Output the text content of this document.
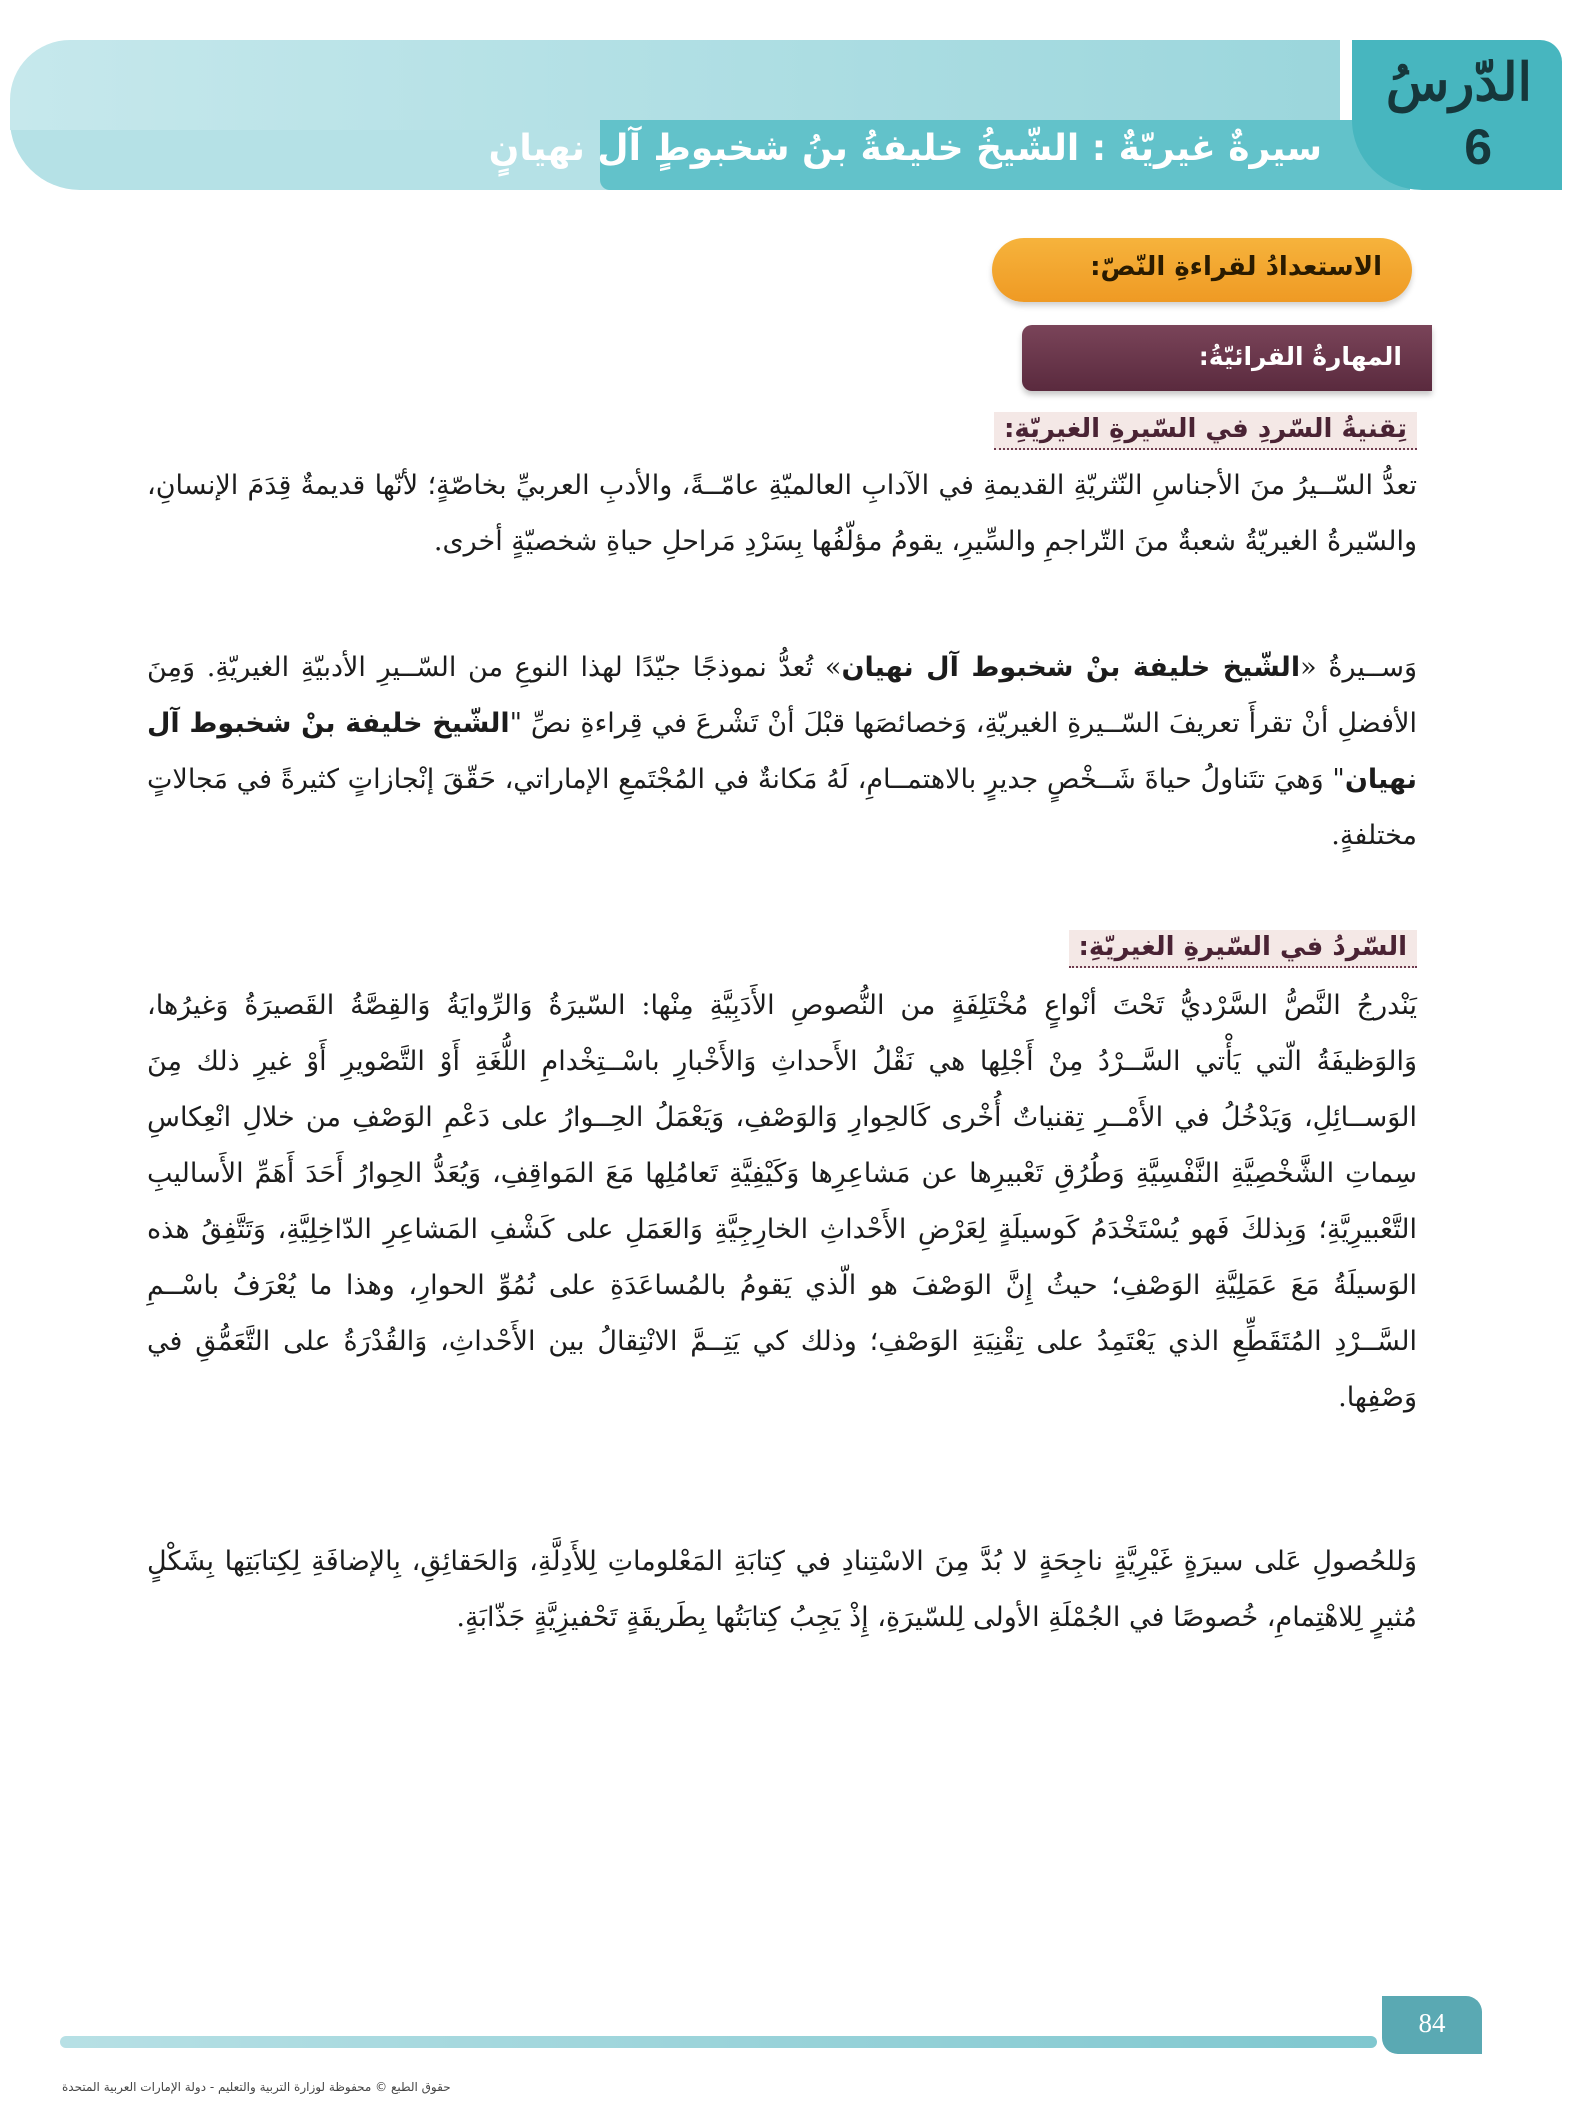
سيرةٌ غيريّةٌ : الشّيخُ خليفةُ بنُ شخبوطٍ آل نهيانٍ
الدّرسُ
6
الاستعدادُ لقراءةِ النّصّ:
المهارةُ القرائيّةُ:
تِقنيةُ السّردِ في السّيرةِ الغيريّةِ:
تعدُّ السّــيرُ منَ الأجناسِ النّثريّةِ القديمةِ في الآدابِ العالميّةِ عامّــةً، والأدبِ العربيِّ بخاصّةٍ؛ لأنّها قديمةٌ قِدَمَ الإنسانِ، والسّيرةُ الغيريّةُ شعبةٌ منَ التّراجمِ والسِّيرِ، يقومُ مؤلّفُها بِسَرْدِ مَراحلِ حياةِ شخصيّةٍ أخرى.
وَســيرةُ «الشّيخ خليفة بنْ شخبوط آل نهيان» تُعدُّ نموذجًا جيّدًا لهذا النوعِ من السّــيرِ الأدبيّةِ الغيريّةِ. وَمِنَ الأفضلِ أنْ تقرأَ تعريفَ السّــيرةِ الغيريّةِ، وَخصائصَها قبْلَ أنْ تَشْرعَ في قِراءةِ نصِّ "الشّيخ خليفة بنْ شخبوط آل نهيان" وَهيَ تتَناولُ حياةَ شَــخْصٍ جديرٍ بالاهتمــامِ، لَهُ مَكانةٌ في المُجْتَمعِ الإماراتي، حَقّقَ إنْجازاتٍ كثيرةً في مَجالاتٍ مختلفةٍ.
السّردُ في السّيرةِ الغيريّةِ:
يَنْدرجُ النَّصُّ السَّرْديُّ تَحْتَ أنْواعٍ مُخْتَلِفَةٍ من النُّصوصِ الأَدَبِيَّةِ مِنْها: السّيرَةُ وَالرِّوايَةُ وَالقِصَّةُ القَصيرَةُ وَغيرُها، وَالوَظيفَةُ الّتي يَأْتي السَّــرْدُ مِنْ أَجْلِها هي نَقْلُ الأَحداثِ وَالأَخْبارِ باسْــتِخْدامِ اللُّغَةِ أَوْ التَّصْويرِ أَوْ غيرِ ذلك مِنَ الوَســائِلِ، وَيَدْخُلُ في الأَمْــرِ تِقنياتٌ أُخْرى كَالحِوارِ وَالوَصْفِ، وَيَعْمَلُ الحِــوارُ على دَعْمِ الوَصْفِ من خلالِ انْعِكاسِ سِماتِ الشَّخْصِيَّةِ النَّفْسِيَّةِ وَطُرُقِ تَعْبيرِها عن مَشاعِرِها وَكَيْفِيَّةِ تَعامُلِها مَعَ المَواقِفِ، وَيُعَدُّ الحِوارُ أَحَدَ أَهَمِّ الأَساليبِ التَّعْبيرِيَّةِ؛ وَبِذلكَ فَهو يُسْتَخْدَمُ كَوسيلَةٍ لِعَرْضِ الأَحْداثِ الخارِجِيَّةِ وَالعَمَلِ على كَشْفِ المَشاعِرِ الدّاخِلِيَّةِ، وَتَتَّفِقُ هذه الوَسيلَةُ مَعَ عَمَلِيَّةِ الوَصْفِ؛ حيثُ إِنَّ الوَصْفَ هو الّذي يَقومُ بالمُساعَدَةِ على نُمُوِّ الحوارِ، وهذا ما يُعْرَفُ باسْــمِ السَّــرْدِ المُتَقَطِّعِ الذي يَعْتَمِدُ على تِقْنِيَةِ الوَصْفِ؛ وذلك كي يَتِــمَّ الانْتِقالُ بين الأَحْداثِ، وَالقُدْرَةُ على التَّعَمُّقِ في وَصْفِها.
وَللحُصولِ عَلى سيرَةٍ غَيْرِيَّةٍ ناجِحَةٍ لا بُدَّ مِنَ الاسْتِنادِ في كِتابَةِ المَعْلوماتِ لِلأَدِلَّةِ، وَالحَقائِقِ، بِالإضافَةِ لِكِتابَتِها بِشَكْلٍ مُثيرٍ لِلاهْتِمامِ، خُصوصًا في الجُمْلَةِ الأولى لِلسّيرَةِ، إِذْ يَجِبُ كِتابَتُها بِطَريقَةٍ تَحْفيزِيَّةٍ جَذّابَةٍ.
84
حقوق الطبع © محفوظة لوزارة التربية والتعليم - دولة الإمارات العربية المتحدة
